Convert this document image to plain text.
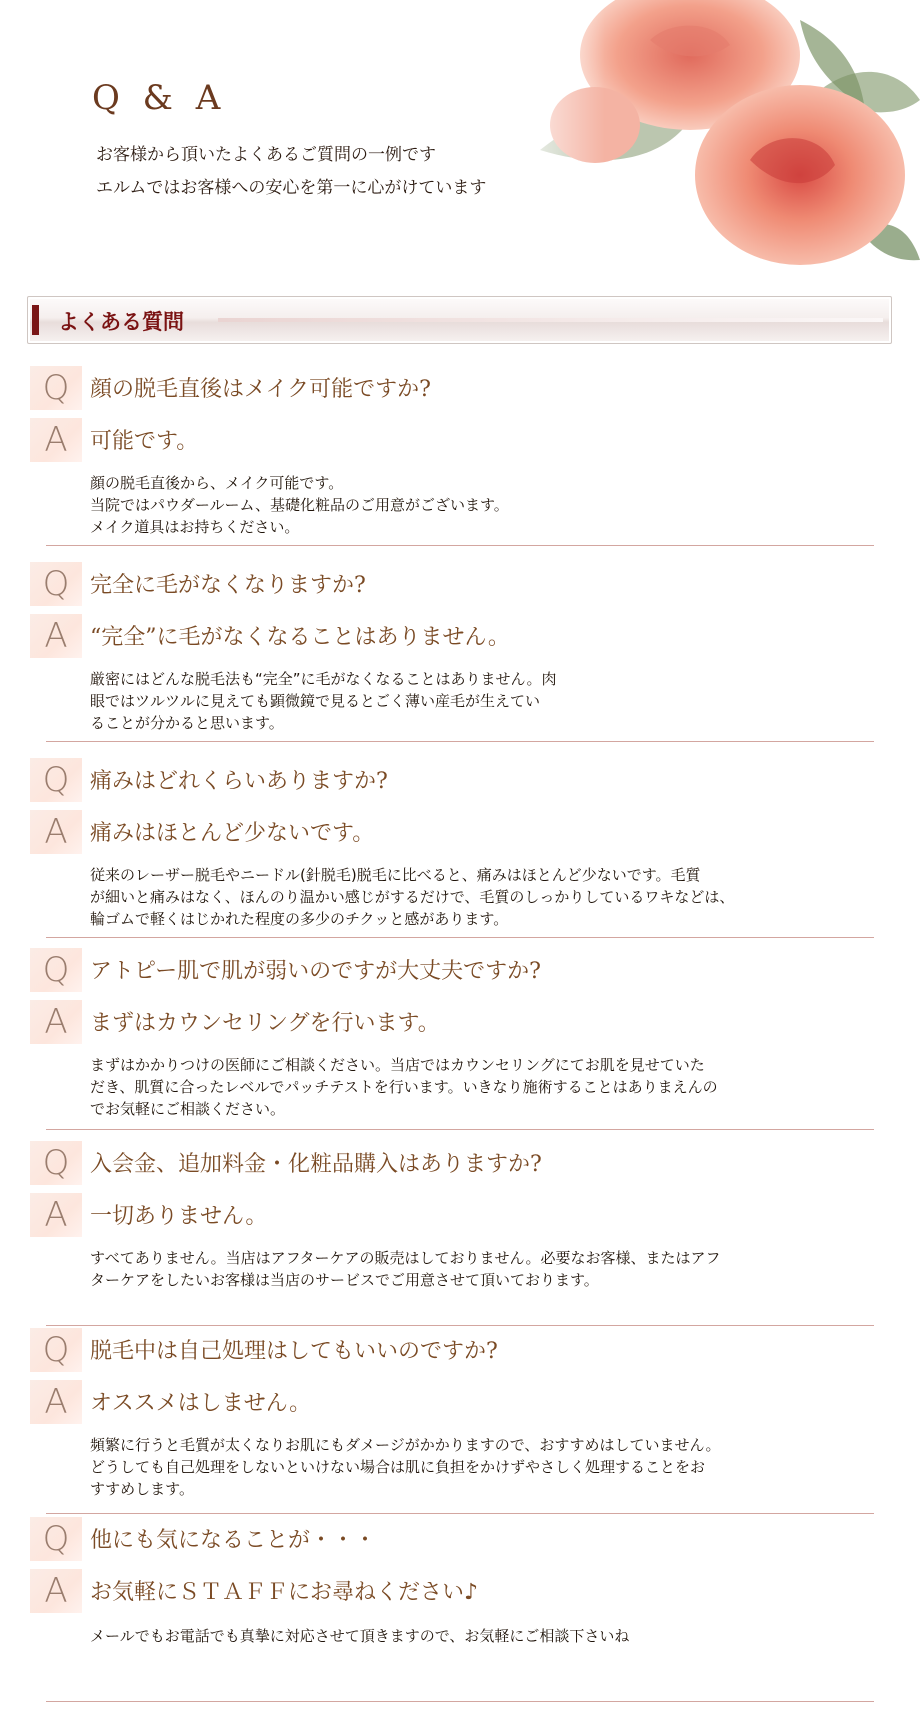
Q & A
お客様から頂いたよくあるご質問の一例です
エルムではお客様への安心を第一に心がけています
よくある質問
Q 顔の脱毛直後はメイク可能ですか?
A	可能です。
顔の脱毛直後から、メイク可能です。
当院ではパウダールーム、基礎化粧品のご用意がございます。
メイク道具はお持ちください。
Q 完全に毛がなくなりますか?
A	“完全”に毛がなくなることはありません。
厳密にはどんな脱毛法も“完全”に毛がなくなることはありません。肉
眼ではツルツルに見えても顕微鏡で見るとごく薄い産毛が生えてい
ることが分かると思います。
Q 痛みはどれくらいありますか?
A	痛みはほとんど少ないです。
従来のレーザー脱毛やニードル(針脱毛)脱毛に比べると、痛みはほとんど少ないです。毛質
が細いと痛みはなく、ほんのり温かい感じがするだけで、毛質のしっかりしているワキなどは、
輪ゴムで軽くはじかれた程度の多少のチクッと感があります。
Q アトピー肌で肌が弱いのですが大丈夫ですか?
A	まずはカウンセリングを行います。
まずはかかりつけの医師にご相談ください。当店ではカウンセリングにてお肌を見せていた
だき、肌質に合ったレベルでパッチテストを行います。いきなり施術することはありまえんの
でお気軽にご相談ください。
Q 入会金、追加料金・化粧品購入はありますか?
A	一切ありません。
すべてありません。当店はアフターケアの販売はしておりません。必要なお客様、またはアフ
ターケアをしたいお客様は当店のサービスでご用意させて頂いております。
Q 脱毛中は自己処理はしてもいいのですか?
A	オススメはしません。
頻繁に行うと毛質が太くなりお肌にもダメージがかかりますので、おすすめはしていません。
どうしても自己処理をしないといけない場合は肌に負担をかけずやさしく処理することをお
すすめします。
Q 他にも気になることが・・・
A	お気軽にＳＴＡＦＦにお尋ねください♪
メールでもお電話でも真摯に対応させて頂きますので、お気軽にご相談下さいね
